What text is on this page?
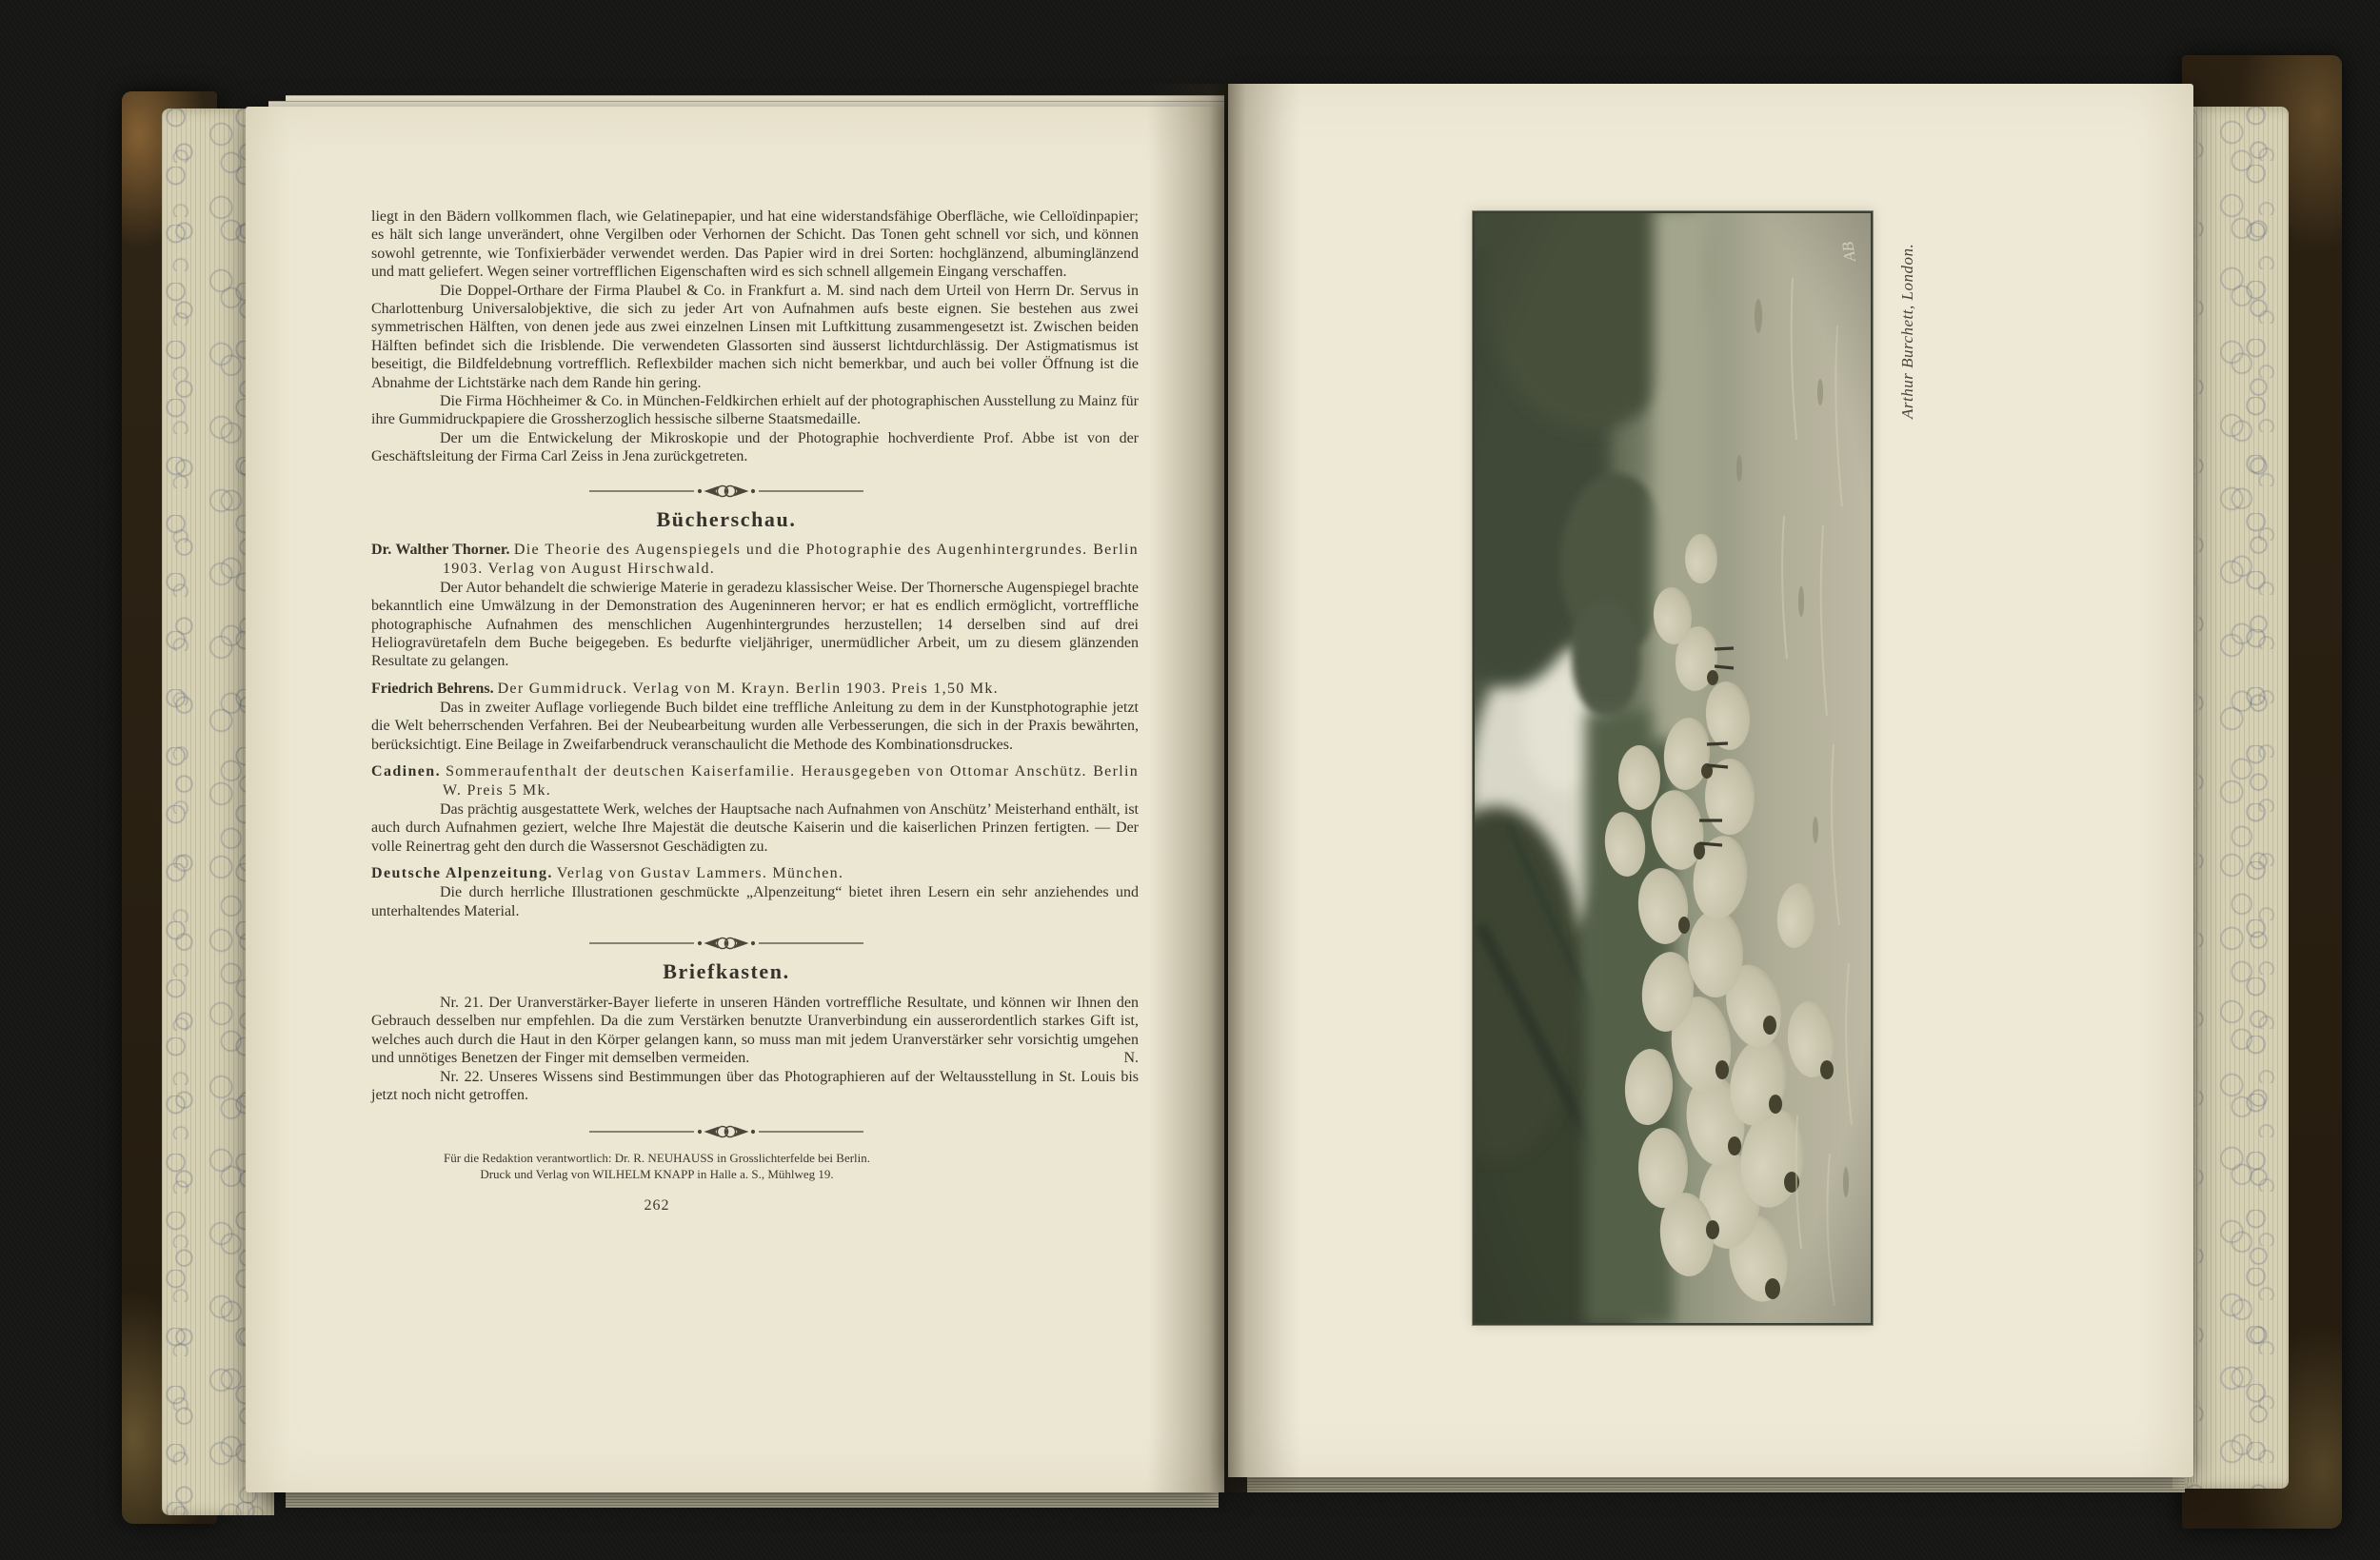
liegt in den Bädern vollkommen flach, wie Gelatinepapier, und hat eine widerstandsfähige Oberfläche, wie Celloïdinpapier; es hält sich lange unverändert, ohne Vergilben oder Verhornen der Schicht. Das Tonen geht schnell vor sich, und können sowohl getrennte, wie Tonfixierbäder verwendet werden. Das Papier wird in drei Sorten: hochglänzend, albuminglänzend und matt geliefert. Wegen seiner vortrefflichen Eigenschaften wird es sich schnell allgemein Eingang verschaffen.

Die Doppel-Orthare der Firma Plaubel & Co. in Frankfurt a. M. sind nach dem Urteil von Herrn Dr. Servus in Charlottenburg Universalobjektive, die sich zu jeder Art von Aufnahmen aufs beste eignen. Sie bestehen aus zwei symmetrischen Hälften, von denen jede aus zwei einzelnen Linsen mit Luftkittung zusammengesetzt ist. Zwischen beiden Hälften befindet sich die Irisblende. Die verwendeten Glassorten sind äusserst lichtdurchlässig. Der Astigmatismus ist beseitigt, die Bildfeldebnung vortrefflich. Reflexbilder machen sich nicht bemerkbar, und auch bei voller Öffnung ist die Abnahme der Lichtstärke nach dem Rande hin gering.

Die Firma Höchheimer & Co. in München-Feldkirchen erhielt auf der photographischen Ausstellung zu Mainz für ihre Gummidruckpapiere die Grossherzoglich hessische silberne Staatsmedaille.

Der um die Entwickelung der Mikroskopie und der Photographie hochverdiente Prof. Abbe ist von der Geschäftsleitung der Firma Carl Zeiss in Jena zurückgetreten.

Bücherschau.
Dr. Walther Thorner. Die Theorie des Augenspiegels und die Photographie des Augenhintergrundes. Berlin 1903. Verlag von August Hirschwald.

Der Autor behandelt die schwierige Materie in geradezu klassischer Weise. Der Thornersche Augenspiegel brachte bekanntlich eine Umwälzung in der Demonstration des Augeninneren hervor; er hat es endlich ermöglicht, vortreffliche photographische Aufnahmen des menschlichen Augenhintergrundes herzustellen; 14 derselben sind auf drei Heliogravüretafeln dem Buche beigegeben. Es bedurfte vieljähriger, unermüdlicher Arbeit, um zu diesem glänzenden Resultate zu gelangen.

Friedrich Behrens. Der Gummidruck. Verlag von M. Krayn. Berlin 1903. Preis 1,50 Mk.

Das in zweiter Auflage vorliegende Buch bildet eine treffliche Anleitung zu dem in der Kunstphotographie jetzt die Welt beherrschenden Verfahren. Bei der Neubearbeitung wurden alle Verbesserungen, die sich in der Praxis bewährten, berücksichtigt. Eine Beilage in Zweifarbendruck veranschaulicht die Methode des Kombinationsdruckes.

Cadinen. Sommeraufenthalt der deutschen Kaiserfamilie. Herausgegeben von Ottomar Anschütz. Berlin W. Preis 5 Mk.

Das prächtig ausgestattete Werk, welches der Hauptsache nach Aufnahmen von Anschütz’ Meisterhand enthält, ist auch durch Aufnahmen geziert, welche Ihre Majestät die deutsche Kaiserin und die kaiserlichen Prinzen fertigten. — Der volle Reinertrag geht den durch die Wassersnot Geschädigten zu.

Deutsche Alpenzeitung. Verlag von Gustav Lammers. München.

Die durch herrliche Illustrationen geschmückte „Alpenzeitung“ bietet ihren Lesern ein sehr anziehendes und unterhaltendes Material.

Briefkasten.

Nr. 21. Der Uranverstärker-Bayer lieferte in unseren Händen vortreffliche Resultate, und können wir Ihnen den Gebrauch desselben nur empfehlen. Da die zum Verstärken benutzte Uranverbindung ein ausserordentlich starkes Gift ist, welches auch durch die Haut in den Körper gelangen kann, so muss man mit jedem Uranverstärker sehr vorsichtig umgehen und unnötiges Benetzen der Finger mit demselben vermeiden.	N.

Nr. 22. Unseres Wissens sind Bestimmungen über das Photographieren auf der Weltausstellung in St. Louis bis jetzt noch nicht getroffen.

Für die Redaktion verantwortlich: Dr. R. NEUHAUSS in Grosslichterfelde bei Berlin.
Druck und Verlag von WILHELM KNAPP in Halle a. S., Mühlweg 19.
262
AB Arthur Burchett, London.
